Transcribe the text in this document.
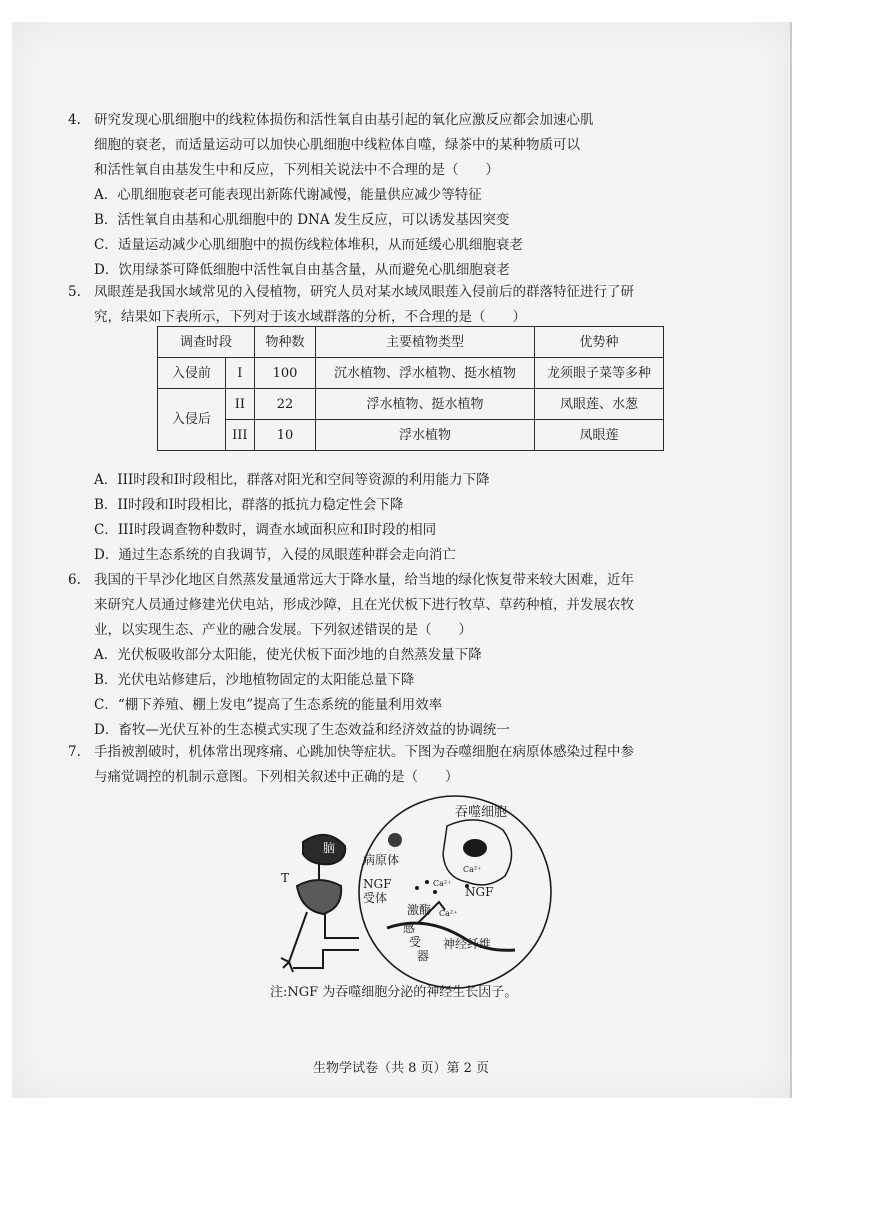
4. 研究发现心肌细胞中的线粒体损伤和活性氧自由基引起的氧化应激反应都会加速心肌
细胞的衰老，而适量运动可以加快心肌细胞中线粒体自噬，绿茶中的某种物质可以
和活性氧自由基发生中和反应，下列相关说法中不合理的是（　　）
A．心肌细胞衰老可能表现出新陈代谢减慢，能量供应减少等特征
B．活性氧自由基和心肌细胞中的 DNA 发生反应，可以诱发基因突变
C．适量运动减少心肌细胞中的损伤线粒体堆积，从而延缓心肌细胞衰老
D．饮用绿茶可降低细胞中活性氧自由基含量，从而避免心肌细胞衰老
5. 凤眼莲是我国水域常见的入侵植物，研究人员对某水域凤眼莲入侵前后的群落特征进行了研
究，结果如下表所示，下列对于该水域群落的分析，不合理的是（　　）
调查时段		物种数	主要植物类型	优势种
入侵前	I	100	沉水植物、浮水植物、挺水植物	龙须眼子菜等多种
入侵后	II	22	浮水植物、挺水植物	凤眼莲、水葱
	III	10	浮水植物	凤眼莲
A．III时段和I时段相比，群落对阳光和空间等资源的利用能力下降
B．II时段和I时段相比，群落的抵抗力稳定性会下降
C．III时段调查物种数时，调查水域面积应和I时段的相同
D．通过生态系统的自我调节，入侵的凤眼莲种群会走向消亡
6. 我国的干旱沙化地区自然蒸发量通常远大于降水量，给当地的绿化恢复带来较大困难，近年
来研究人员通过修建光伏电站，形成沙障，且在光伏板下进行牧草、草药种植，并发展农牧
业，以实现生态、产业的融合发展。下列叙述错误的是（　　）
A．光伏板吸收部分太阳能，使光伏板下面沙地的自然蒸发量下降
B．光伏电站修建后，沙地植物固定的太阳能总量下降
C．“棚下养殖、棚上发电”提高了生态系统的能量利用效率
D．畜牧—光伏互补的生态模式实现了生态效益和经济效益的协调统一
7. 手指被割破时，机体常出现疼痛、心跳加快等症状。下图为吞噬细胞在病原体感染过程中参
与痛觉调控的机制示意图。下列相关叙述中正确的是（　　）
吞噬细胞
脑
T
病原体
Ca²⁺
Ca²⁺
Ca²⁺
NGF
NGF
受体
激酶
感
受
器
神经纤维
注:NGF 为吞噬细胞分泌的神经生长因子。
生物学试卷（共 8 页）第 2 页
